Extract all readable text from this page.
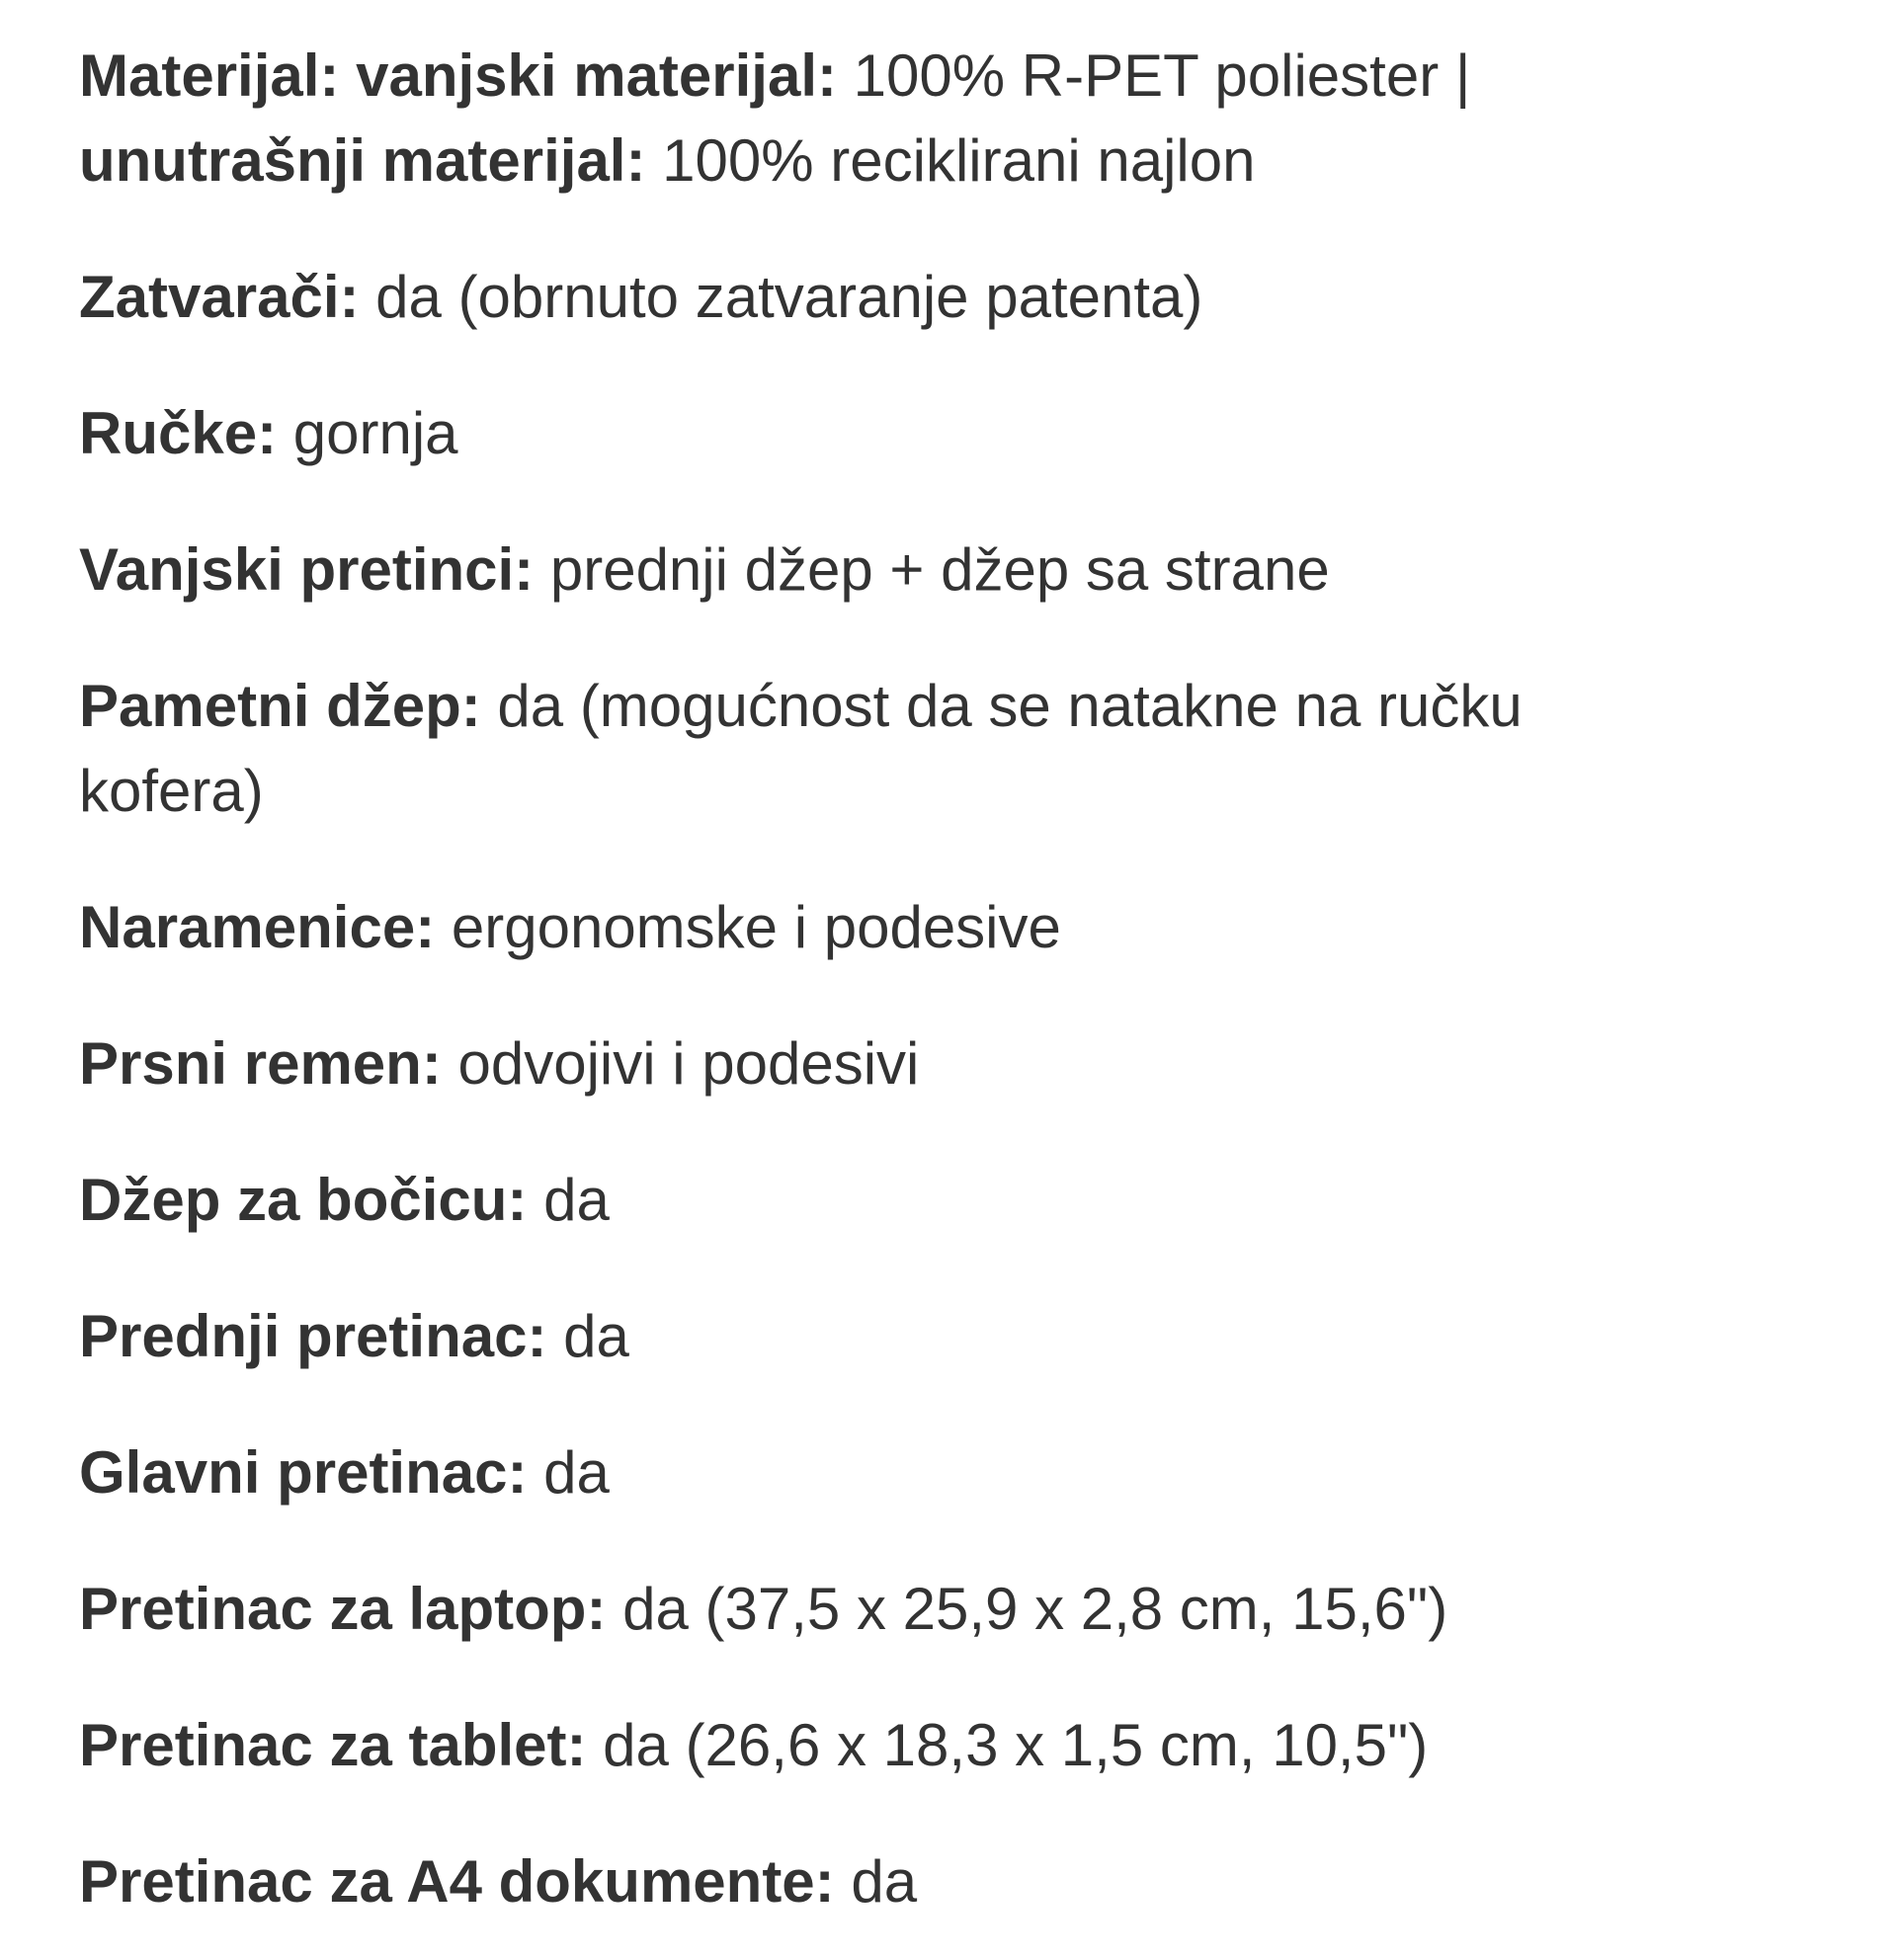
Materijal: vanjski materijal: 100% R-PET poliester |
unutrašnji materijal: 100% reciklirani najlon

Zatvarači: da (obrnuto zatvaranje patenta)

Ručke: gornja

Vanjski pretinci: prednji džep + džep sa strane

Pametni džep: da (mogućnost da se natakne na ručku kofera)

Naramenice: ergonomske i podesive

Prsni remen: odvojivi i podesivi

Džep za bočicu: da

Prednji pretinac: da

Glavni pretinac: da

Pretinac za laptop: da (37,5 x 25,9 x 2,8 cm, 15,6")

Pretinac za tablet: da (26,6 x 18,3 x 1,5 cm, 10,5")

Pretinac za A4 dokumente: da
